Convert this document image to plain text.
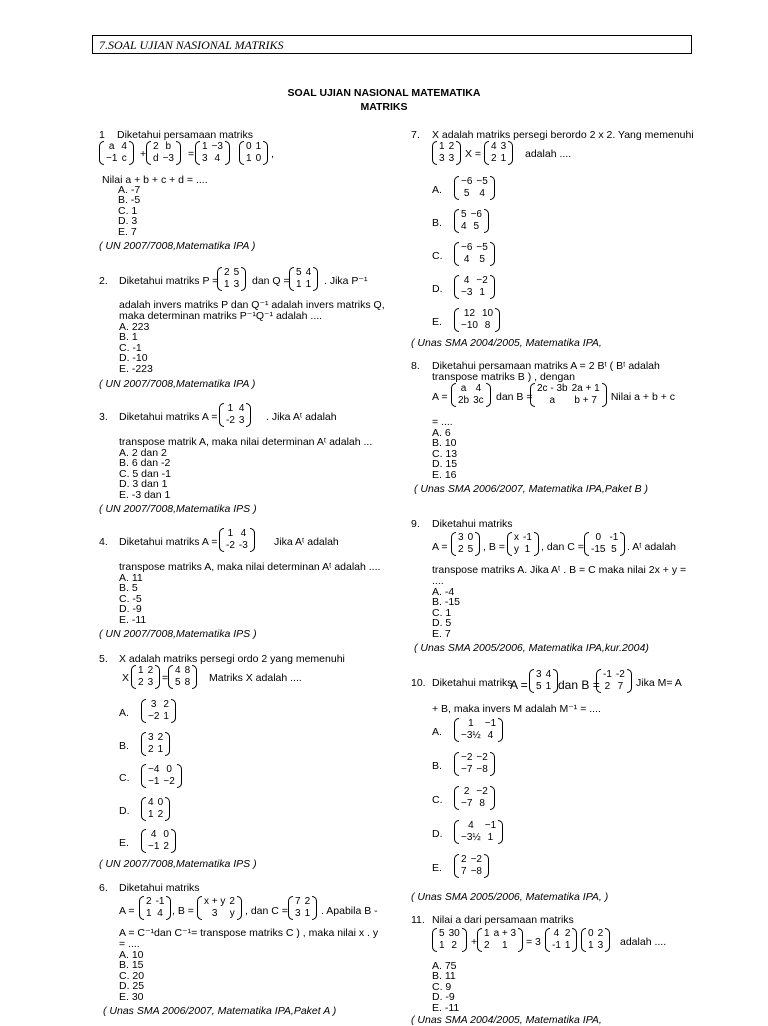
7.SOAL UJIAN NASIONAL MATRIKS
SOAL UJIAN NASIONAL MATEMATIKA
MATRIKS
1 Diketahui persamaan matriks
a	4
−1	c +
2	b
d	−3 =
1	−3
3	4
0	1
1	0 ,
Nilai a + b + c + d = ....
( UN 2007/7008,Matematika IPA )
2. Diketahui matriks P =
2	5
1	3 dan Q =
5	4
1	1 . Jika P⁻¹
adalah invers matriks P dan Q⁻¹ adalah invers matriks Q,
maka determinan matriks P⁻¹Q⁻¹ adalah ....
( UN 2007/7008,Matematika IPA )
3. Diketahui matriks A =
1	4
-2	3 . Jika Aᵗ adalah
transpose matrik A, maka nilai determinan Aᵗ adalah ...
( UN 2007/7008,Matematika IPS )
4. Diketahui matriks A =
1	4
-2	-3 Jika Aᵗ adalah
transpose matriks A, maka nilai determinan Aᵗ adalah ....
( UN 2007/7008,Matematika IPS )
5. X adalah matriks persegi ordo 2 yang memenuhi
X
1	2
2	3 =
4	8
5	8 Matriks X adalah ....
( UN 2007/7008,Matematika IPS )
6. Diketahui matriks
A =
2	-1
1	4 , B =
x + y	2
3	y , dan C =
7	2
3	1 . Apabila B -
A = C⁻¹dan C⁻¹= transpose matriks C ) , maka nilai x . y
= ....
( Unas SMA 2006/2007, Matematika IPA,Paket A )
7. X adalah matriks persegi berordo 2 x 2. Yang memenuhi
1	2
3	3 X =
4	3
2	1 adalah ....
( Unas SMA 2004/2005, Matematika IPA,
8. Diketahui persamaan matriks A = 2 Bᵗ ( Bᵗ adalah
transpose matriks B ) , dengan
A =
a	4
2b	3c dan B =
2c - 3b	2a + 1
a	b + 7 . Nilai a + b + c
= ....
( Unas SMA 2006/2007, Matematika IPA,Paket B )
9. Diketahui matriks
A =
3	0
2	5 , B =
x	-1
y	1 , dan C =
0	-1
-15	5 . Aᵗ adalah
transpose matriks A. Jika Aᵗ . B = C maka nilai 2x + y =
....
( Unas SMA 2005/2006, Matematika IPA,kur.2004)
10. Diketahui matriks
A =
3	4
5	1 dan B =
-1	-2
2	7 Jika M= A
+ B, maka invers M adalah M⁻¹ = ....
( Unas SMA 2005/2006, Matematika IPA, )
11. Nilai a dari persamaan matriks
5	30
1	2 +
1	a + 3
2	1 = 3
4	2
-1	1
0	2
1	3 adalah ....
( Unas SMA 2004/2005, Matematika IPA,
A. -7
B. -5
C. 1
D. 3
E. 7
A. 223
B. 1
C. -1
D. -10
E. -223
A. 2 dan 2
B. 6 dan -2
C. 5 dan -1
D. 3 dan 1
E. -3 dan 1
A. 11
B. 5
C. -5
D. -9
E. -11
A. 10
B. 15
C. 20
D. 25
E. 30
A. 6
B. 10
C. 13
D. 15
E. 16
A. -4
B. -15
C. 1
D. 5
E. 7
A. 75
B. 11
C. 9
D. -9
E. -11
A.
3	2
−2	1
B.
3	2
2	1
C.
−4	0
−1	−2
D.
4	0
1	2
E.
4	0
−1	2
A.
−6	−5
5	4
B.
5	−6
4	5
C.
−6	−5
4	5
D.
4	−2
−3	1
E.
12	10
−10	8
A.
1	−1
−3½	4
B.
−2	−2
−7	−8
C.
2	−2
−7	8
D.
4	−1
−3½	1
E.
2	−2
7	−8
